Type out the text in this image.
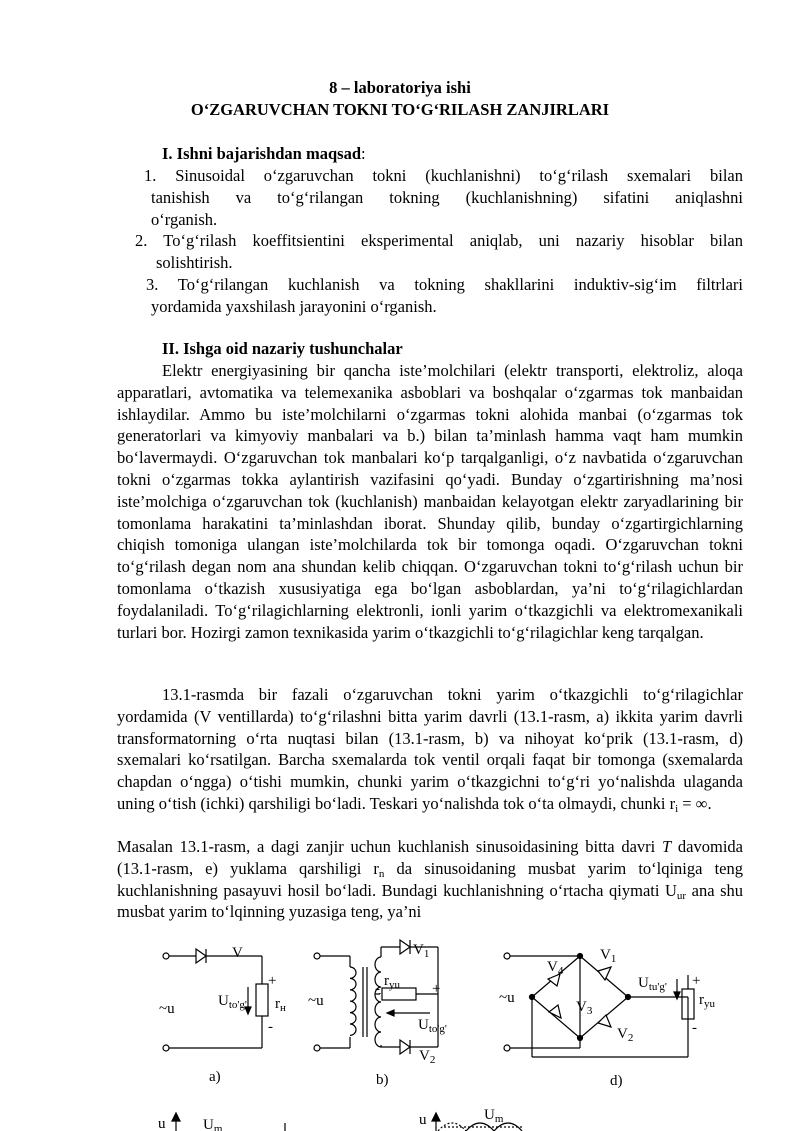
8 – laboratoriya ishi
O‘ZGARUVCHAN TOKNI TO‘G‘RILASH ZANJIRLARI
I. Ishni bajarishdan maqsad:
1. Sinusoidal o‘zgaruvchan tokni (kuchlanishni) to‘g‘rilash sxemalari bilan
tanishish va to‘g‘rilangan tokning (kuchlanishning) sifatini aniqlashni
o‘rganish.
2. To‘g‘rilash koeffitsientini eksperimental aniqlab, uni nazariy hisoblar bilan
solishtirish.
3. To‘g‘rilangan kuchlanish va tokning shakllarini induktiv-sig‘im filtrlari
yordamida yaxshilash jarayonini o‘rganish.
II. Ishga oid nazariy tushunchalar
Elektr energiyasining bir qancha iste’molchilari (elektr transporti, elektroliz, aloqa apparatlari, avtomatika va telemexanika asboblari va boshqalar o‘zgarmas tok manbaidan ishlaydilar. Ammo bu iste’molchilarni o‘zgarmas tokni alohida manbai (o‘zgarmas tok generatorlari va kimyoviy manbalari va b.) bilan ta’minlash hamma vaqt ham mumkin bo‘lavermaydi. O‘zgaruvchan tok manbalari ko‘p tarqalganligi, o‘z navbatida o‘zgaruvchan tokni o‘zgarmas tokka aylantirish vazifasini qo‘yadi. Bunday o‘zgartirishning ma’nosi iste’molchiga o‘zgaruvchan tok (kuchlanish) manbaidan kelayotgan elektr zaryadlarining bir tomonlama harakatini ta’minlashdan iborat. Shunday qilib, bunday o‘zgartirgichlarning chiqish tomoniga ulangan iste’molchilarda tok bir tomonga oqadi. O‘zgaruvchan tokni to‘g‘rilash degan nom ana shundan kelib chiqqan. O‘zgaruvchan tokni to‘g‘rilash uchun bir tomonlama o‘tkazish xususiyatiga ega bo‘lgan asboblardan, ya’ni to‘g‘rilagichlardan foydalaniladi. To‘g‘rilagichlarning elektronli, ionli yarim o‘tkazgichli va elektromexanikali turlari bor. Hozirgi zamon texnikasida yarim o‘tkazgichli to‘g‘rilagichlar keng tarqalgan.
13.1-rasmda bir fazali o‘zgaruvchan tokni yarim o‘tkazgichli to‘g‘rilagichlar yordamida (V ventillarda) to‘g‘rilashni bitta yarim davrli (13.1-rasm, a) ikkita yarim davrli transformatorning o‘rta nuqtasi bilan (13.1-rasm, b) va nihoyat ko‘prik (13.1-rasm, d) sxemalari ko‘rsatilgan. Barcha sxemalarda tok ventil orqali faqat bir tomonga (sxemalarda chapdan o‘ngga) o‘tishi mumkin, chunki yarim o‘tkazgichni to‘g‘ri yo‘nalishda ulaganda uning o‘tish (ichki) qarshiligi bo‘ladi. Teskari yo‘nalishda tok o‘ta olmaydi, chunki $r_i$ = ∞.
Masalan 13.1-rasm, a dagi zanjir uchun kuchlanish sinusoidasining bitta davri T davomida (13.1-rasm, e) yuklama qarshiligi $r_n$ da sinusoidaning musbat yarim to‘lqiniga teng kuchlanishning pasayuvi hosil bo‘ladi. Bundagi kuchlanishning o‘rtacha qiymati $U_{ur}$ ana shu musbat yarim to‘lqinning yuzasiga teng, ya’ni
V
~u	$U_{to'g'}$ $r_н$
+
-
a)
~u
$V_1$
$V_2$
$r_{yu}$
$U_{to'g'}$
+
-
b)
~u
$V_1$
$V_2$
$V_3$
$V_4$
$U_{tu'g'}$
$r_{yu}$
+
-
d)
u	$U_m$
u	$U_m$
